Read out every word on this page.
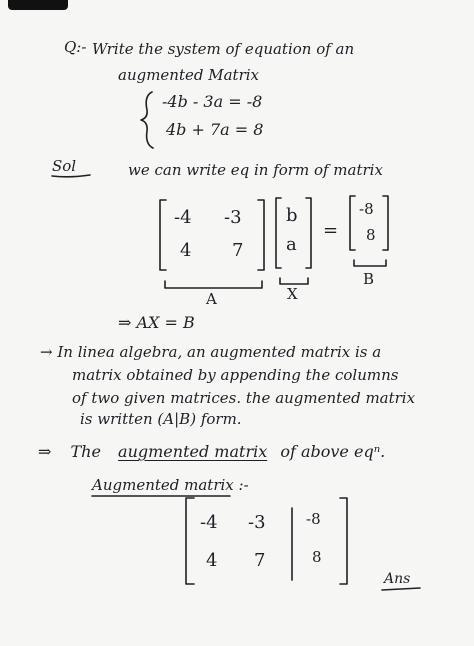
Q:- Write the system of equation of an
augmented Matrix
-4b - 3a = -8
4b + 7a = 8
Sol	we can write eq in form of matrix
-4 -3
4 7
b
a
=
-8
8
A	X
B
⇒ AX = B
→ In linea algebra, an augmented matrix is a
matrix obtained by appending the columns
of two given matrices. the augmented matrix
is written (A|B) form.
⇒ The augmented matrix of above eqⁿ.
Augmented matrix :-
-4 -3	-8
4 7	8
Ans
